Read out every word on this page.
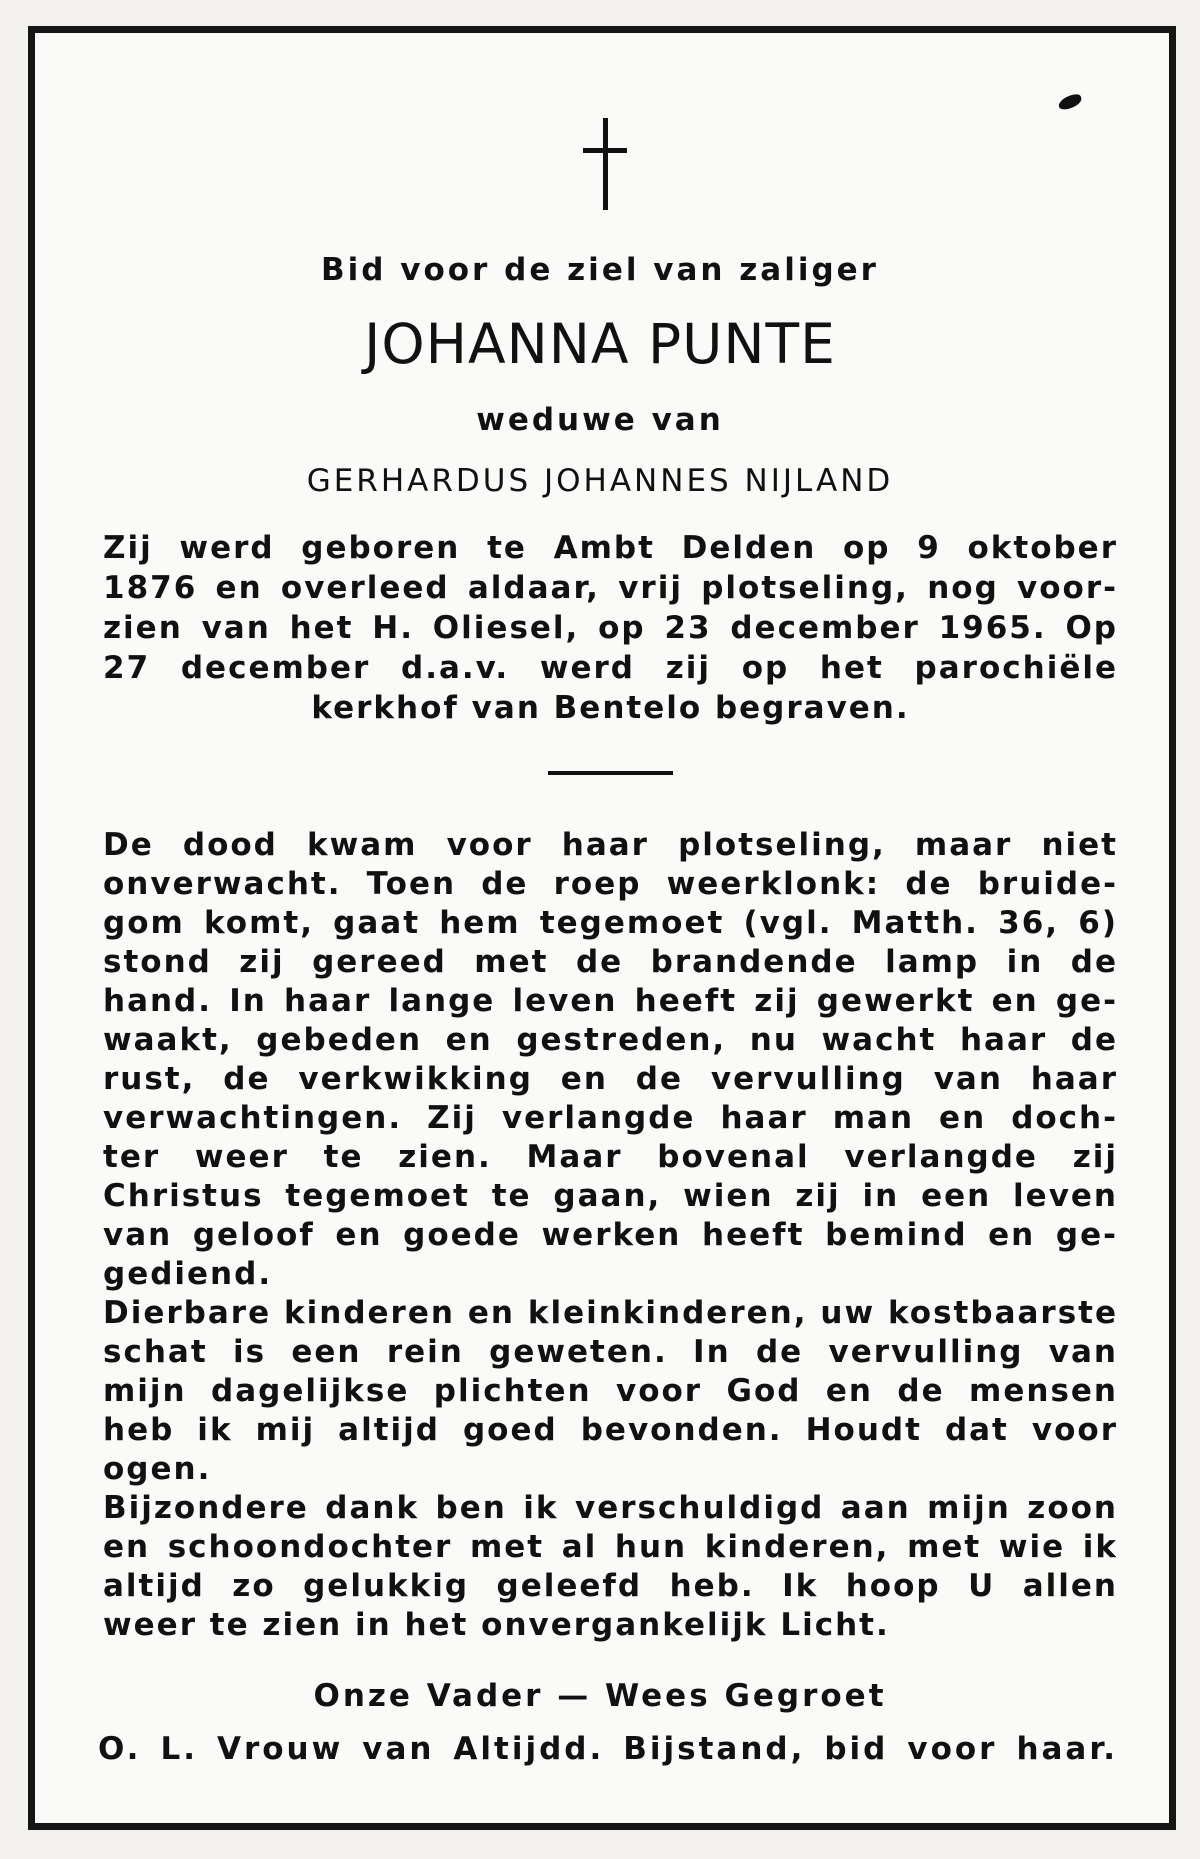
Bid voor de ziel van zaliger

JOHANNA PUNTE

weduwe van

GERHARDUS JOHANNES NIJLAND

Zij werd geboren te Ambt Delden op 9 oktober
1876 en overleed aldaar, vrij plotseling, nog voor-
zien van het H. Oliesel, op 23 december 1965. Op
27 december d.a.v. werd zij op het parochiële
kerkhof van Bentelo begraven.

De dood kwam voor haar plotseling, maar niet

onverwacht. Toen de roep weerklonk: de bruide-

gom komt, gaat hem tegemoet (vgl. Matth. 36, 6)

stond zij gereed met de brandende lamp in de

hand. In haar lange leven heeft zij gewerkt en ge-

waakt, gebeden en gestreden, nu wacht haar de

rust, de verkwikking en de vervulling van haar

verwachtingen. Zij verlangde haar man en doch-

ter weer te zien. Maar bovenal verlangde zij

Christus tegemoet te gaan, wien zij in een leven

van geloof en goede werken heeft bemind en ge-

gediend.

Dierbare kinderen en kleinkinderen, uw kostbaarste

schat is een rein geweten. In de vervulling van

mijn dagelijkse plichten voor God en de mensen

heb ik mij altijd goed bevonden. Houdt dat voor

ogen.

Bijzondere dank ben ik verschuldigd aan mijn zoon

en schoondochter met al hun kinderen, met wie ik

altijd zo gelukkig geleefd heb. Ik hoop U allen

weer te zien in het onvergankelijk Licht.

Onze Vader — Wees Gegroet

O. L. Vrouw van Altijdd. Bijstand, bid voor haar.
